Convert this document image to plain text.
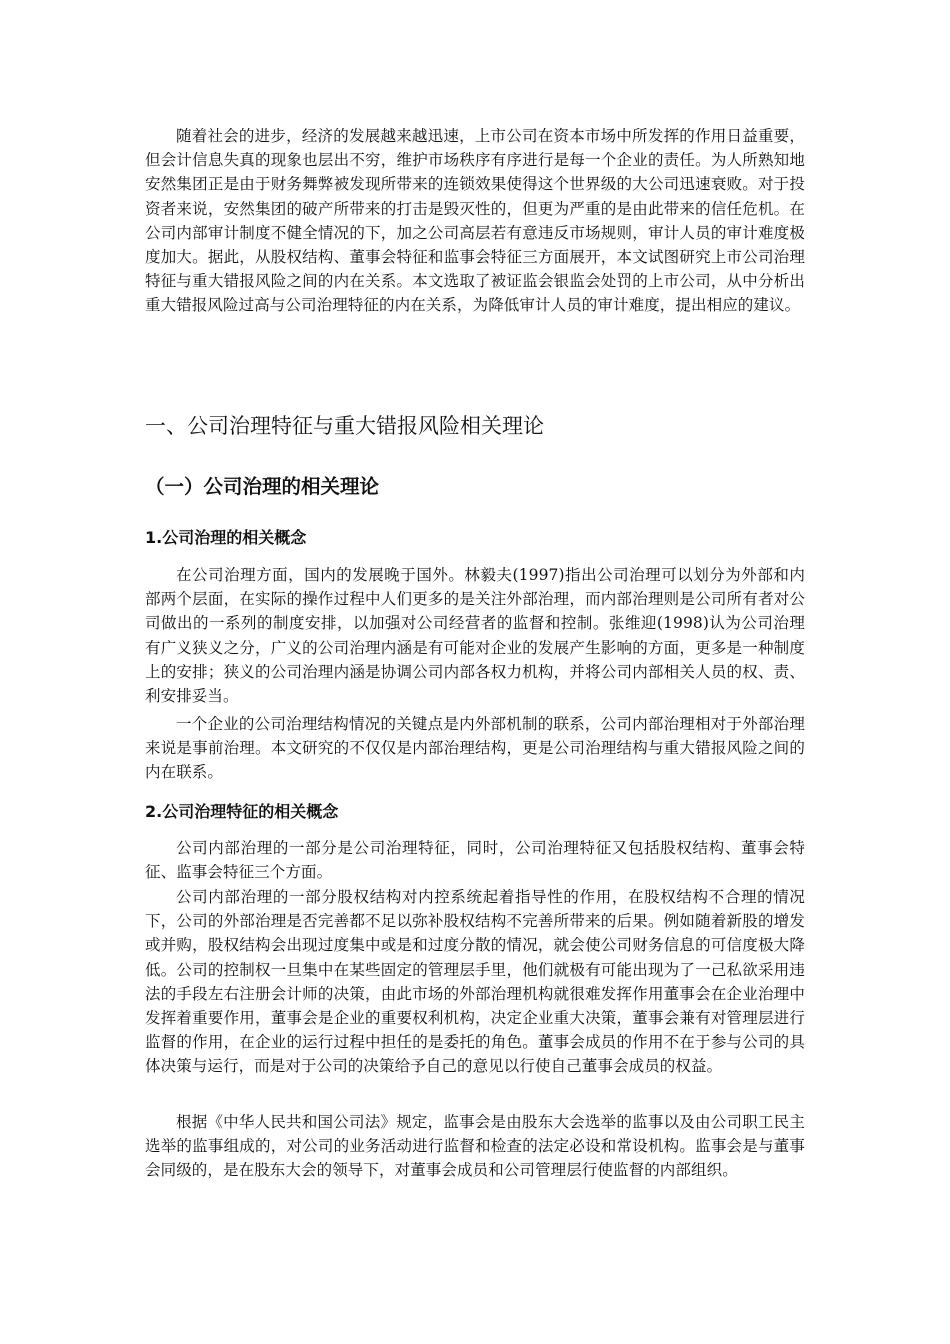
随着社会的进步，经济的发展越来越迅速，上市公司在资本市场中所发挥的作用日益重要，但会计信息失真的现象也层出不穷，维护市场秩序有序进行是每一个企业的责任。为人所熟知地安然集团正是由于财务舞弊被发现所带来的连锁效果使得这个世界级的大公司迅速衰败。对于投资者来说，安然集团的破产所带来的打击是毁灭性的，但更为严重的是由此带来的信任危机。在公司内部审计制度不健全情况的下，加之公司高层若有意违反市场规则，审计人员的审计难度极度加大。据此，从股权结构、董事会特征和监事会特征三方面展开，本文试图研究上市公司治理特征与重大错报风险之间的内在关系。本文选取了被证监会银监会处罚的上市公司，从中分析出重大错报风险过高与公司治理特征的内在关系，为降低审计人员的审计难度，提出相应的建议。

一、公司治理特征与重大错报风险相关理论
（一）公司治理的相关理论
1.公司治理的相关概念

在公司治理方面，国内的发展晚于国外。林毅夫(1997)指出公司治理可以划分为外部和内部两个层面，在实际的操作过程中人们更多的是关注外部治理，而内部治理则是公司所有者对公司做出的一系列的制度安排，以加强对公司经营者的监督和控制。张维迎(1998)认为公司治理有广义狭义之分，广义的公司治理内涵是有可能对企业的发展产生影响的方面，更多是一种制度上的安排；狭义的公司治理内涵是协调公司内部各权力机构，并将公司内部相关人员的权、责、利安排妥当。

一个企业的公司治理结构情况的关键点是内外部机制的联系，公司内部治理相对于外部治理来说是事前治理。本文研究的不仅仅是内部治理结构，更是公司治理结构与重大错报风险之间的内在联系。

2.公司治理特征的相关概念

公司内部治理的一部分是公司治理特征，同时，公司治理特征又包括股权结构、董事会特征、监事会特征三个方面。

公司内部治理的一部分股权结构对内控系统起着指导性的作用，在股权结构不合理的情况下，公司的外部治理是否完善都不足以弥补股权结构不完善所带来的后果。例如随着新股的增发或并购，股权结构会出现过度集中或是和过度分散的情况，就会使公司财务信息的可信度极大降低。公司的控制权一旦集中在某些固定的管理层手里，他们就极有可能出现为了一己私欲采用违法的手段左右注册会计师的决策，由此市场的外部治理机构就很难发挥作用董事会在企业治理中发挥着重要作用，董事会是企业的重要权利机构，决定企业重大决策，董事会兼有对管理层进行监督的作用，在企业的运行过程中担任的是委托的角色。董事会成员的作用不在于参与公司的具体决策与运行，而是对于公司的决策给予自己的意见以行使自己董事会成员的权益。

根据《中华人民共和国公司法》规定，监事会是由股东大会选举的监事以及由公司职工民主选举的监事组成的，对公司的业务活动进行监督和检查的法定必设和常设机构。监事会是与董事会同级的，是在股东大会的领导下，对董事会成员和公司管理层行使监督的内部组织。
